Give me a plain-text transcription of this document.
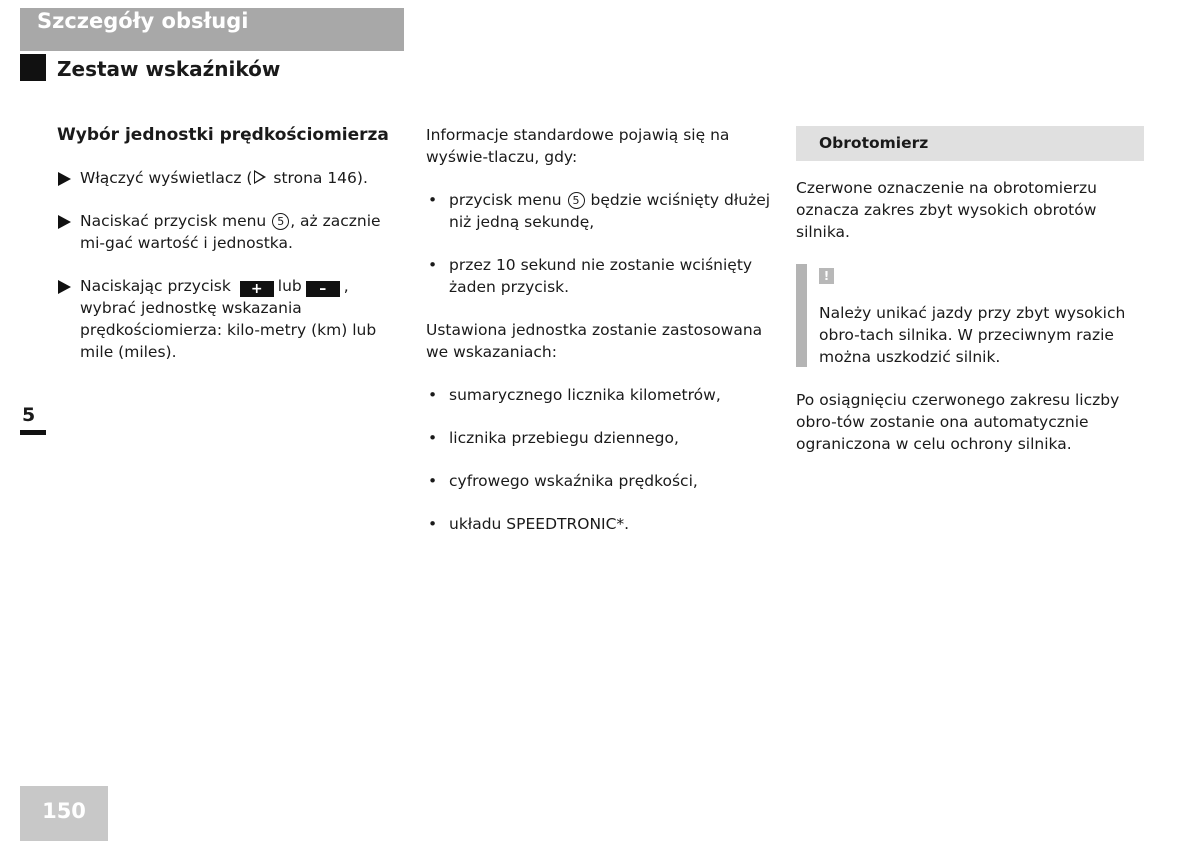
Szczegóły obsługi
Zestaw wskaźników
5
150
Wybór jednostki prędkościomierza
Włączyć wyświetlacz ( strona 146).
Naciskać przycisk menu 5 , aż zacznie mi-gać wartość i jednostka.
Naciskając przycisk + lub – , wybrać jednostkę wskazania prędkościomierza: kilo-metry (km) lub mile (miles).
Informacje standardowe pojawią się na wyświe-tlaczu, gdy:
• przycisk menu 5 będzie wciśnięty dłużej niż jedną sekundę,
• przez 10 sekund nie zostanie wciśnięty żaden przycisk.
Ustawiona jednostka zostanie zastosowana we wskazaniach:
• sumarycznego licznika kilometrów,
• licznika przebiegu dziennego,
• cyfrowego wskaźnika prędkości,
• układu SPEEDTRONIC*.
Obrotomierz
Czerwone oznaczenie na obrotomierzu oznacza zakres zbyt wysokich obrotów silnika.
!
Należy unikać jazdy przy zbyt wysokich obro-tach silnika. W przeciwnym razie można uszkodzić silnik.
Po osiągnięciu czerwonego zakresu liczby obro-tów zostanie ona automatycznie ograniczona w celu ochrony silnika.
